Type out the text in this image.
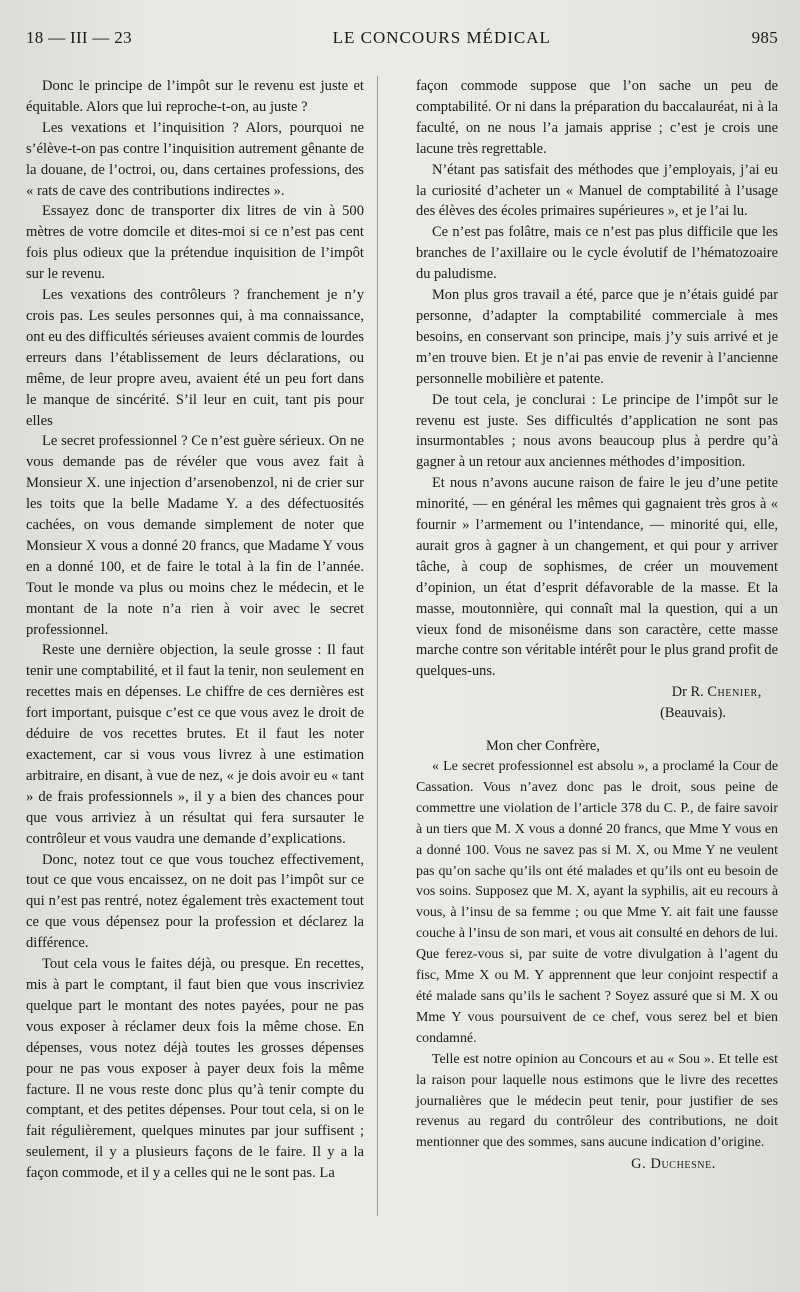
18 — III — 23	LE CONCOURS MÉDICAL	985

Donc le principe de l’impôt sur le revenu est juste et équitable. Alors que lui reproche-t-on, au juste ?

Les vexations et l’inquisition ? Alors, pourquoi ne s’élève-t-on pas contre l’inquisition autrement gênante de la douane, de l’octroi, ou, dans certaines professions, des « rats de cave des contributions indirectes ».

Essayez donc de transporter dix litres de vin à 500 mètres de votre domcile et dites-moi si ce n’est pas cent fois plus odieux que la prétendue inquisition de l’impôt sur le revenu.

Les vexations des contrôleurs ? franchement je n’y crois pas. Les seules personnes qui, à ma connaissance, ont eu des difficultés sérieuses avaient commis de lourdes erreurs dans l’établissement de leurs déclarations, ou même, de leur propre aveu, avaient été un peu fort dans le manque de sincérité. S’il leur en cuit, tant pis pour elles

Le secret professionnel ? Ce n’est guère sérieux. On ne vous demande pas de révéler que vous avez fait à Monsieur X. une injection d’arsenobenzol, ni de crier sur les toits que la belle Madame Y. a des défectuosités cachées, on vous demande simplement de noter que Monsieur X vous a donné 20 francs, que Madame Y vous en a donné 100, et de faire le total à la fin de l’année. Tout le monde va plus ou moins chez le médecin, et le montant de la note n’a rien à voir avec le secret professionnel.

Reste une dernière objection, la seule grosse : Il faut tenir une comptabilité, et il faut la tenir, non seulement en recettes mais en dépenses. Le chiffre de ces dernières est fort important, puisque c’est ce que vous avez le droit de déduire de vos recettes brutes. Et il faut les noter exactement, car si vous vous livrez à une estimation arbitraire, en disant, à vue de nez, « je dois avoir eu « tant » de frais professionnels », il y a bien des chances pour que vous arriviez à un résultat qui fera sursauter le contrôleur et vous vaudra une demande d’explications.

Donc, notez tout ce que vous touchez effectivement, tout ce que vous encaissez, on ne doit pas l’impôt sur ce qui n’est pas rentré, notez également très exactement tout ce que vous dépensez pour la profession et déclarez la différence.

Tout cela vous le faites déjà, ou presque. En recettes, mis à part le comptant, il faut bien que vous inscriviez quelque part le montant des notes payées, pour ne pas vous exposer à réclamer deux fois la même chose. En dépenses, vous notez déjà toutes les grosses dépenses pour ne pas vous exposer à payer deux fois la même facture. Il ne vous reste donc plus qu’à tenir compte du comptant, et des petites dépenses. Pour tout cela, si on le fait régulièrement, quelques minutes par jour suffisent ; seulement, il y a plusieurs façons de le faire. Il y a la façon commode, et il y a celles qui ne le sont pas. La

façon commode suppose que l’on sache un peu de comptabilité. Or ni dans la préparation du baccalauréat, ni à la faculté, on ne nous l’a jamais apprise ; c’est je crois une lacune très regrettable.

N’étant pas satisfait des méthodes que j’employais, j’ai eu la curiosité d’acheter un « Manuel de comptabilité à l’usage des élèves des écoles primaires supérieures », et je l’ai lu.

Ce n’est pas folâtre, mais ce n’est pas plus difficile que les branches de l’axillaire ou le cycle évolutif de l’hématozoaire du paludisme.

Mon plus gros travail a été, parce que je n’étais guidé par personne, d’adapter la comptabilité commerciale à mes besoins, en conservant son principe, mais j’y suis arrivé et je m’en trouve bien. Et je n’ai pas envie de revenir à l’ancienne personnelle mobilière et patente.

De tout cela, je conclurai : Le principe de l’impôt sur le revenu est juste. Ses difficultés d’application ne sont pas insurmontables ; nous avons beaucoup plus à perdre qu’à gagner à un retour aux anciennes méthodes d’imposition.

Et nous n’avons aucune raison de faire le jeu d’une petite minorité, — en général les mêmes qui gagnaient très gros à « fournir » l’armement ou l’intendance, — minorité qui, elle, aurait gros à gagner à un changement, et qui pour y arriver tâche, à coup de sophismes, de créer un mouvement d’opinion, un état d’esprit défavorable de la masse. Et la masse, moutonnière, qui connaît mal la question, qui a un vieux fond de misonéisme dans son caractère, cette masse marche contre son véritable intérêt pour le plus grand profit de quelques-uns.

Dr R. Chenier,

(Beauvais).

Mon cher Confrère,

« Le secret professionnel est absolu », a proclamé la Cour de Cassation. Vous n’avez donc pas le droit, sous peine de commettre une violation de l’article 378 du C. P., de faire savoir à un tiers que M. X vous a donné 20 francs, que Mme Y vous en a donné 100. Vous ne savez pas si M. X, ou Mme Y ne veulent pas qu’on sache qu’ils ont été malades et qu’ils ont eu besoin de vos soins. Supposez que M. X, ayant la syphilis, ait eu recours à vous, à l’insu de sa femme ; ou que Mme Y. ait fait une fausse couche à l’insu de son mari, et vous ait consulté en dehors de lui. Que ferez-vous si, par suite de votre divulgation à l’agent du fisc, Mme X ou M. Y apprennent que leur conjoint respectif a été malade sans qu’ils le sachent ? Soyez assuré que si M. X ou Mme Y vous poursuivent de ce chef, vous serez bel et bien condamné.

Telle est notre opinion au Concours et au « Sou ». Et telle est la raison pour laquelle nous estimons que le livre des recettes journalières que le médecin peut tenir, pour justifier de ses revenus au regard du contrôleur des contributions, ne doit mentionner que des sommes, sans aucune indication d’origine.

G. Duchesne.
